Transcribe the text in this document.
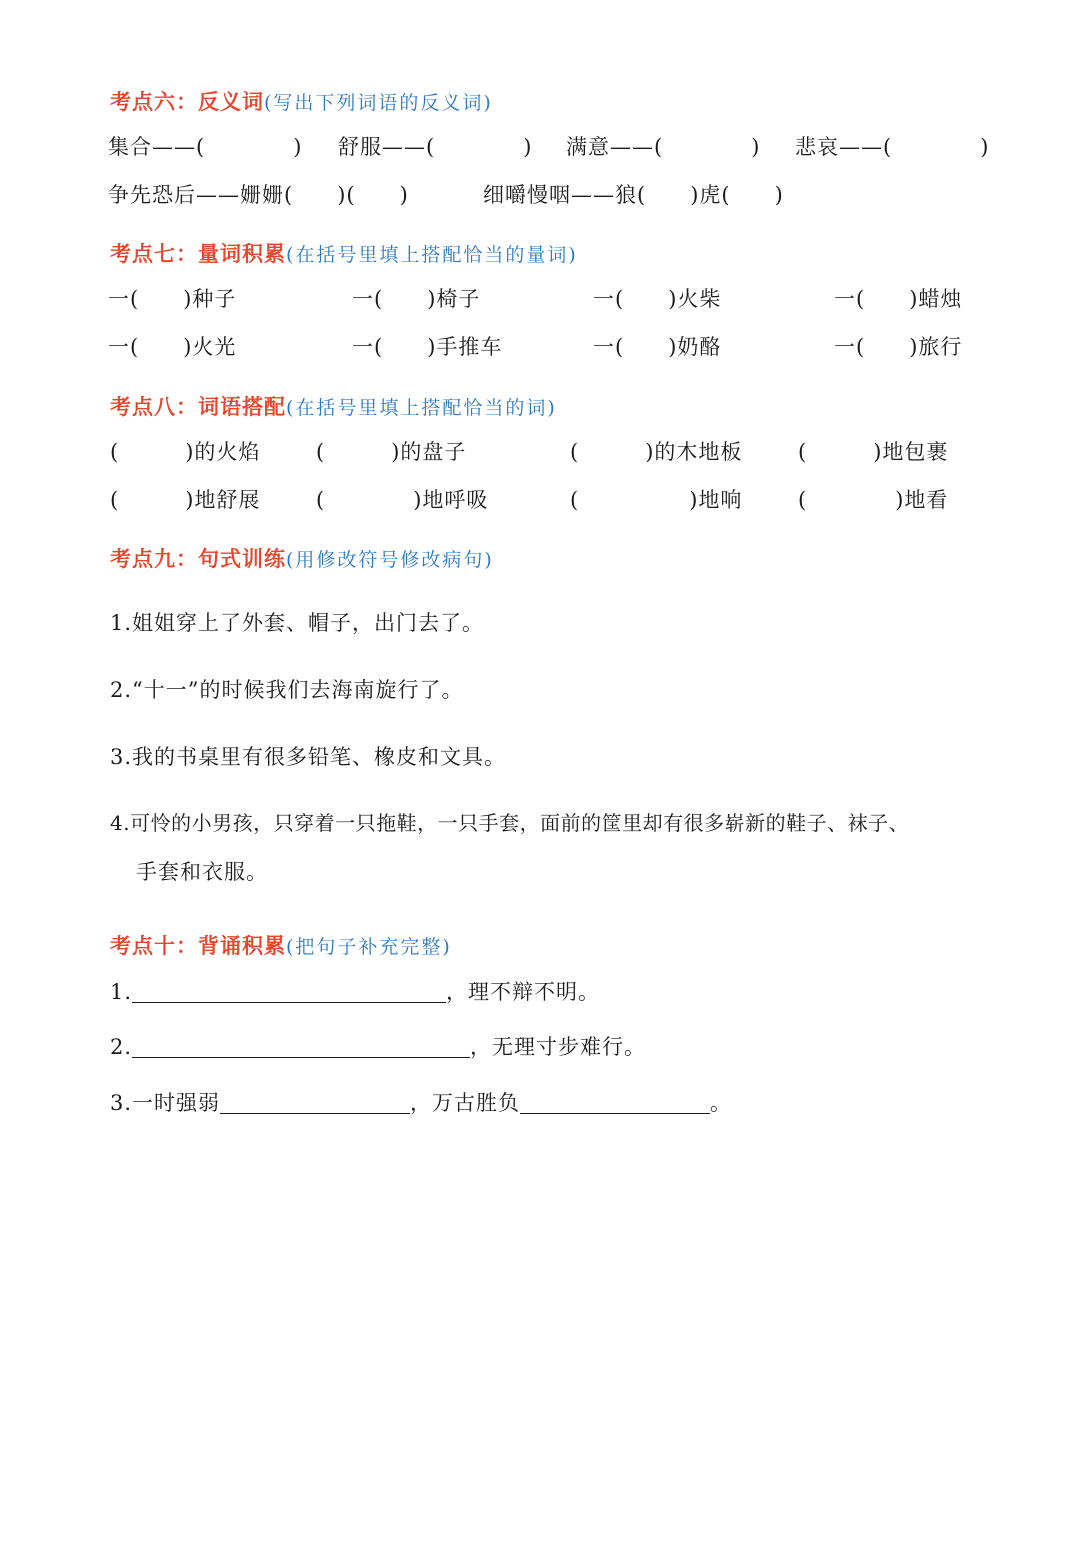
考点六：反义词(写出下列词语的反义词)
集合——(　　　　) 舒服——(　　　　) 满意——(　　　　) 悲哀——(　　　　)
争先恐后——姗姗(　　)(　　)	细嚼慢咽——狼(　　)虎(　　)
考点七：量词积累(在括号里填上搭配恰当的量词)
一(　　)种子	一(　　)椅子	一(　　)火柴	一(　　)蜡烛
一(　　)火光	一(　　)手推车	一(　　)奶酪	一(　　)旅行
考点八：词语搭配(在括号里填上搭配恰当的词)
(　　　)的火焰	(　　　)的盘子	(　　　)的木地板	(　　　)地包裹
(　　　)地舒展	(　　　　)地呼吸	(　　　　　)地响	(　　　　)地看
考点九：句式训练(用修改符号修改病句)
1.姐姐穿上了外套、帽子，出门去了。
2.“十一”的时候我们去海南旋行了。
3.我的书桌里有很多铅笔、橡皮和文具。
4.可怜的小男孩，只穿着一只拖鞋，一只手套，面前的筐里却有很多崭新的鞋子、袜子、
手套和衣服。
考点十：背诵积累(把句子补充完整)
1.	，理不辩不明。
2.	，无理寸步难行。
3.一时强弱	，万古胜负	。
